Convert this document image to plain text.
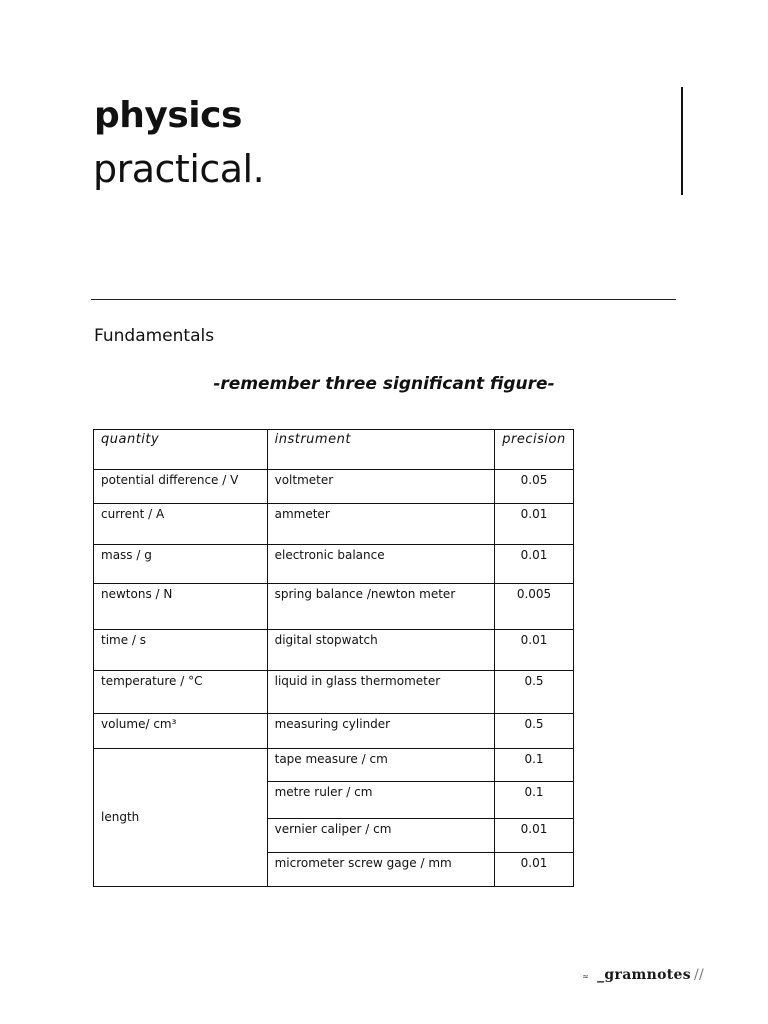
physics
practical.
Fundamentals
-remember three significant figure-
quantity	instrument	precision
potential difference / V	voltmeter	0.05
current / A	ammeter	0.01
mass / g	electronic balance	0.01
newtons / N	spring balance /newton meter	0.005
time / s	digital stopwatch	0.01
temperature / °C	liquid in glass thermometer	0.5
volume/ cm³	measuring cylinder	0.5
length	tape measure / cm	0.1
	metre ruler / cm	0.1
	vernier caliper / cm	0.01
	micrometer screw gage / mm	0.01
≈ _gramnotes //
